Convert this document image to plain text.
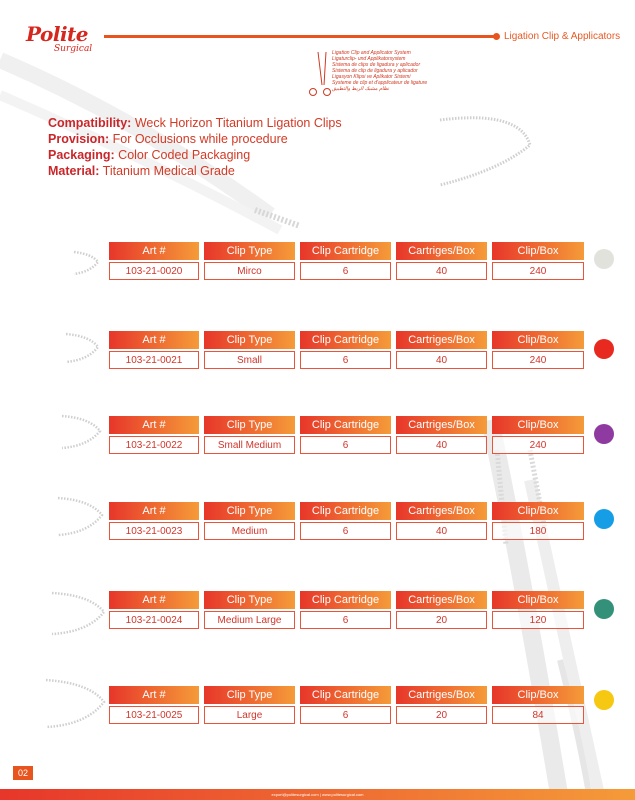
Polite
Surgical
Ligation Clip & Applicators
Ligation Clip and Applicator System
Ligaturclip- und Applikatorsystem
Sistema de clips de ligadura y aplicador
Sistema de clip de ligadura y aplicador
Ligasyon Klipsi ve Aplikator Sistemi
Systeme de clip et d'applicateur de ligature
نظام مشبك الربط والتطبيق
Compatibility: Weck Horizon Titanium Ligation Clips
Provision: For Occlusions while procedure
Packaging: Color Coded Packaging
Material: Titanium Medical Grade
Art #	Clip Type	Clip Cartridge	Cartriges/Box	Clip/Box
103-21-0020	Mirco	6	40	240
Art #	Clip Type	Clip Cartridge	Cartriges/Box	Clip/Box
103-21-0021	Small	6	40	240
Art #	Clip Type	Clip Cartridge	Cartriges/Box	Clip/Box
103-21-0022	Small Medium	6	40	240
Art #	Clip Type	Clip Cartridge	Cartriges/Box	Clip/Box
103-21-0023	Medium	6	40	180
Art #	Clip Type	Clip Cartridge	Cartriges/Box	Clip/Box
103-21-0024	Medium Large	6	20	120
Art #	Clip Type	Clip Cartridge	Cartriges/Box	Clip/Box
103-21-0025	Large	6	20	84
02
export@politesurgical.com | www.politesurgical.com
